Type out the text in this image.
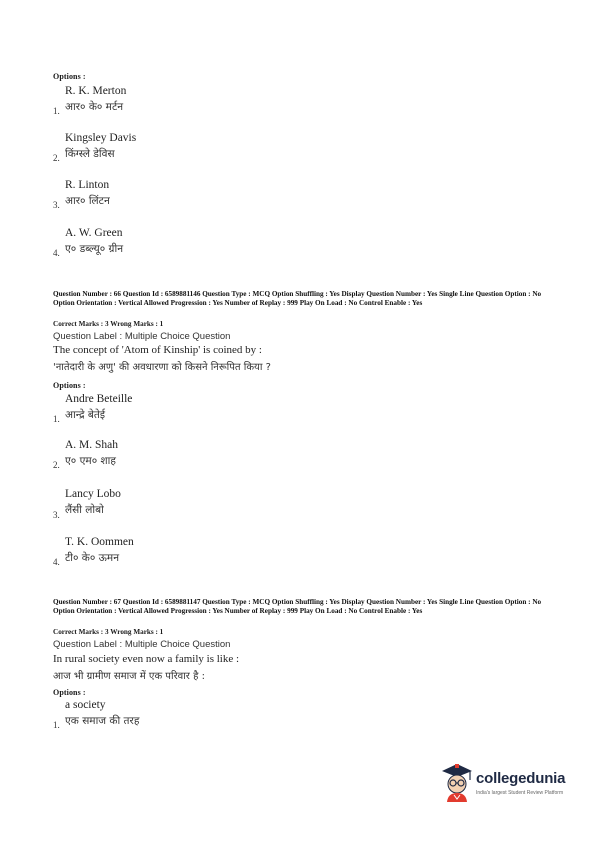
Options :
R. K. Merton
1. आर० के० मर्टन
Kingsley Davis
2. किंग्स्ले डेविस
R. Linton
3. आर० लिंटन
A. W. Green
4. ए० डब्ल्यू० ग्रीन
Question Number : 66 Question Id : 6589881146 Question Type : MCQ Option Shuffling : Yes Display Question Number : Yes Single Line Question Option : No Option Orientation : Vertical Allowed Progression : Yes Number of Replay : 999 Play On Load : No Control Enable : Yes
Correct Marks : 3 Wrong Marks : 1
Question Label : Multiple Choice Question
The concept of 'Atom of Kinship' is coined by :
'नातेदारी के अणु' की अवधारणा को किसने निरूपित किया ?
Options :
Andre Beteille
1. आन्द्रे बेतेई
A. M. Shah
2. ए० एम० शाह
Lancy Lobo
3. लैंसी लोबो
T. K. Oommen
4. टी० के० ऊमन
Question Number : 67 Question Id : 6589881147 Question Type : MCQ Option Shuffling : Yes Display Question Number : Yes Single Line Question Option : No Option Orientation : Vertical Allowed Progression : Yes Number of Replay : 999 Play On Load : No Control Enable : Yes
Correct Marks : 3 Wrong Marks : 1
Question Label : Multiple Choice Question
In rural society even now a family is like :
आज भी ग्रामीण समाज में एक परिवार है :
Options :
a society
1. एक समाज की तरह
collegedunia
India's largest Student Review Platform
